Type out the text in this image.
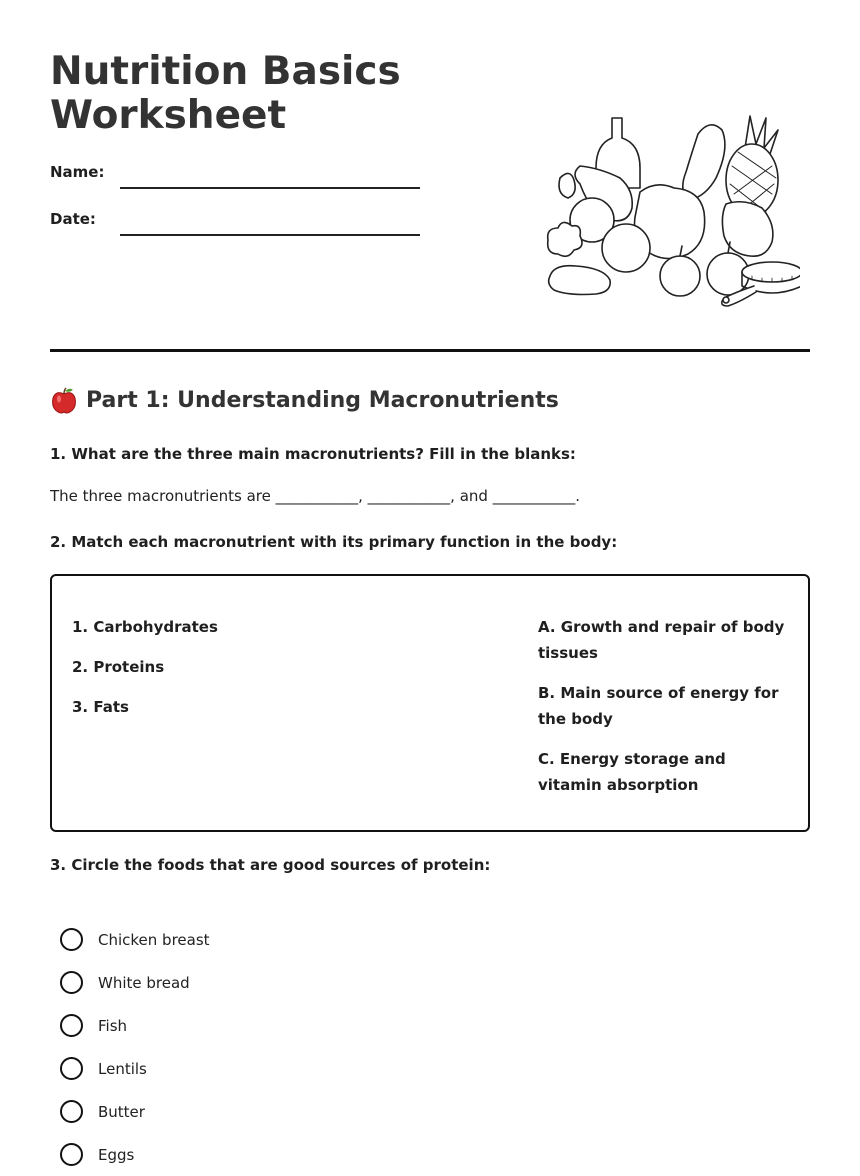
Nutrition Basics Worksheet
Name:
Date:
Part 1: Understanding Macronutrients
1. What are the three main macronutrients? Fill in the blanks:
The three macronutrients are ___________, ___________, and ___________.
2. Match each macronutrient with its primary function in the body:
1. Carbohydrates
2. Proteins
3. Fats
A. Growth and repair of body tissues
B. Main source of energy for the body
C. Energy storage and vitamin absorption
3. Circle the foods that are good sources of protein:
Chicken breast
White bread
Fish
Lentils
Butter
Eggs
